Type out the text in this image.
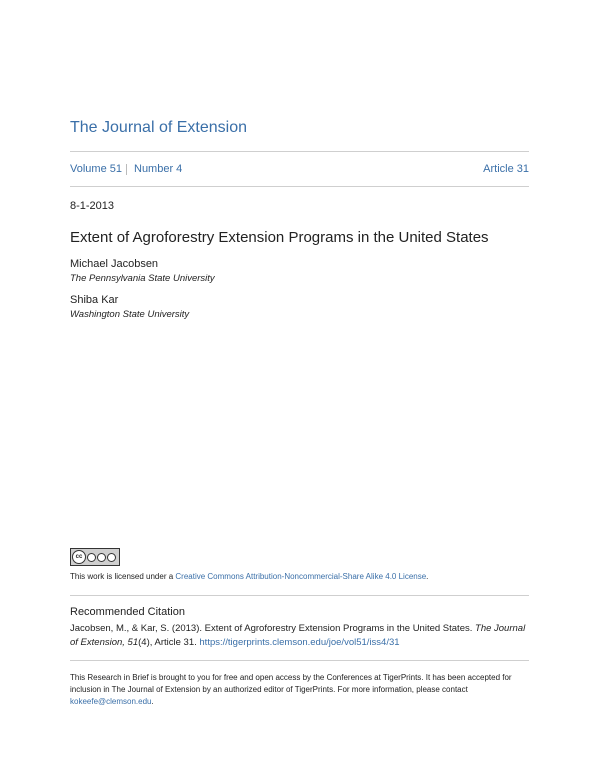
The Journal of Extension
Volume 51 Number 4	Article 31
8-1-2013
Extent of Agroforestry Extension Programs in the United States
Michael Jacobsen
The Pennsylvania State University
Shiba Kar
Washington State University
cc
This work is licensed under a Creative Commons Attribution-Noncommercial-Share Alike 4.0 License.
Recommended Citation
Jacobsen, M., & Kar, S. (2013). Extent of Agroforestry Extension Programs in the United States. The Journal of Extension, 51(4), Article 31. https://tigerprints.clemson.edu/joe/vol51/iss4/31
This Research in Brief is brought to you for free and open access by the Conferences at TigerPrints. It has been accepted for inclusion in The Journal of Extension by an authorized editor of TigerPrints. For more information, please contact kokeefe@clemson.edu.
